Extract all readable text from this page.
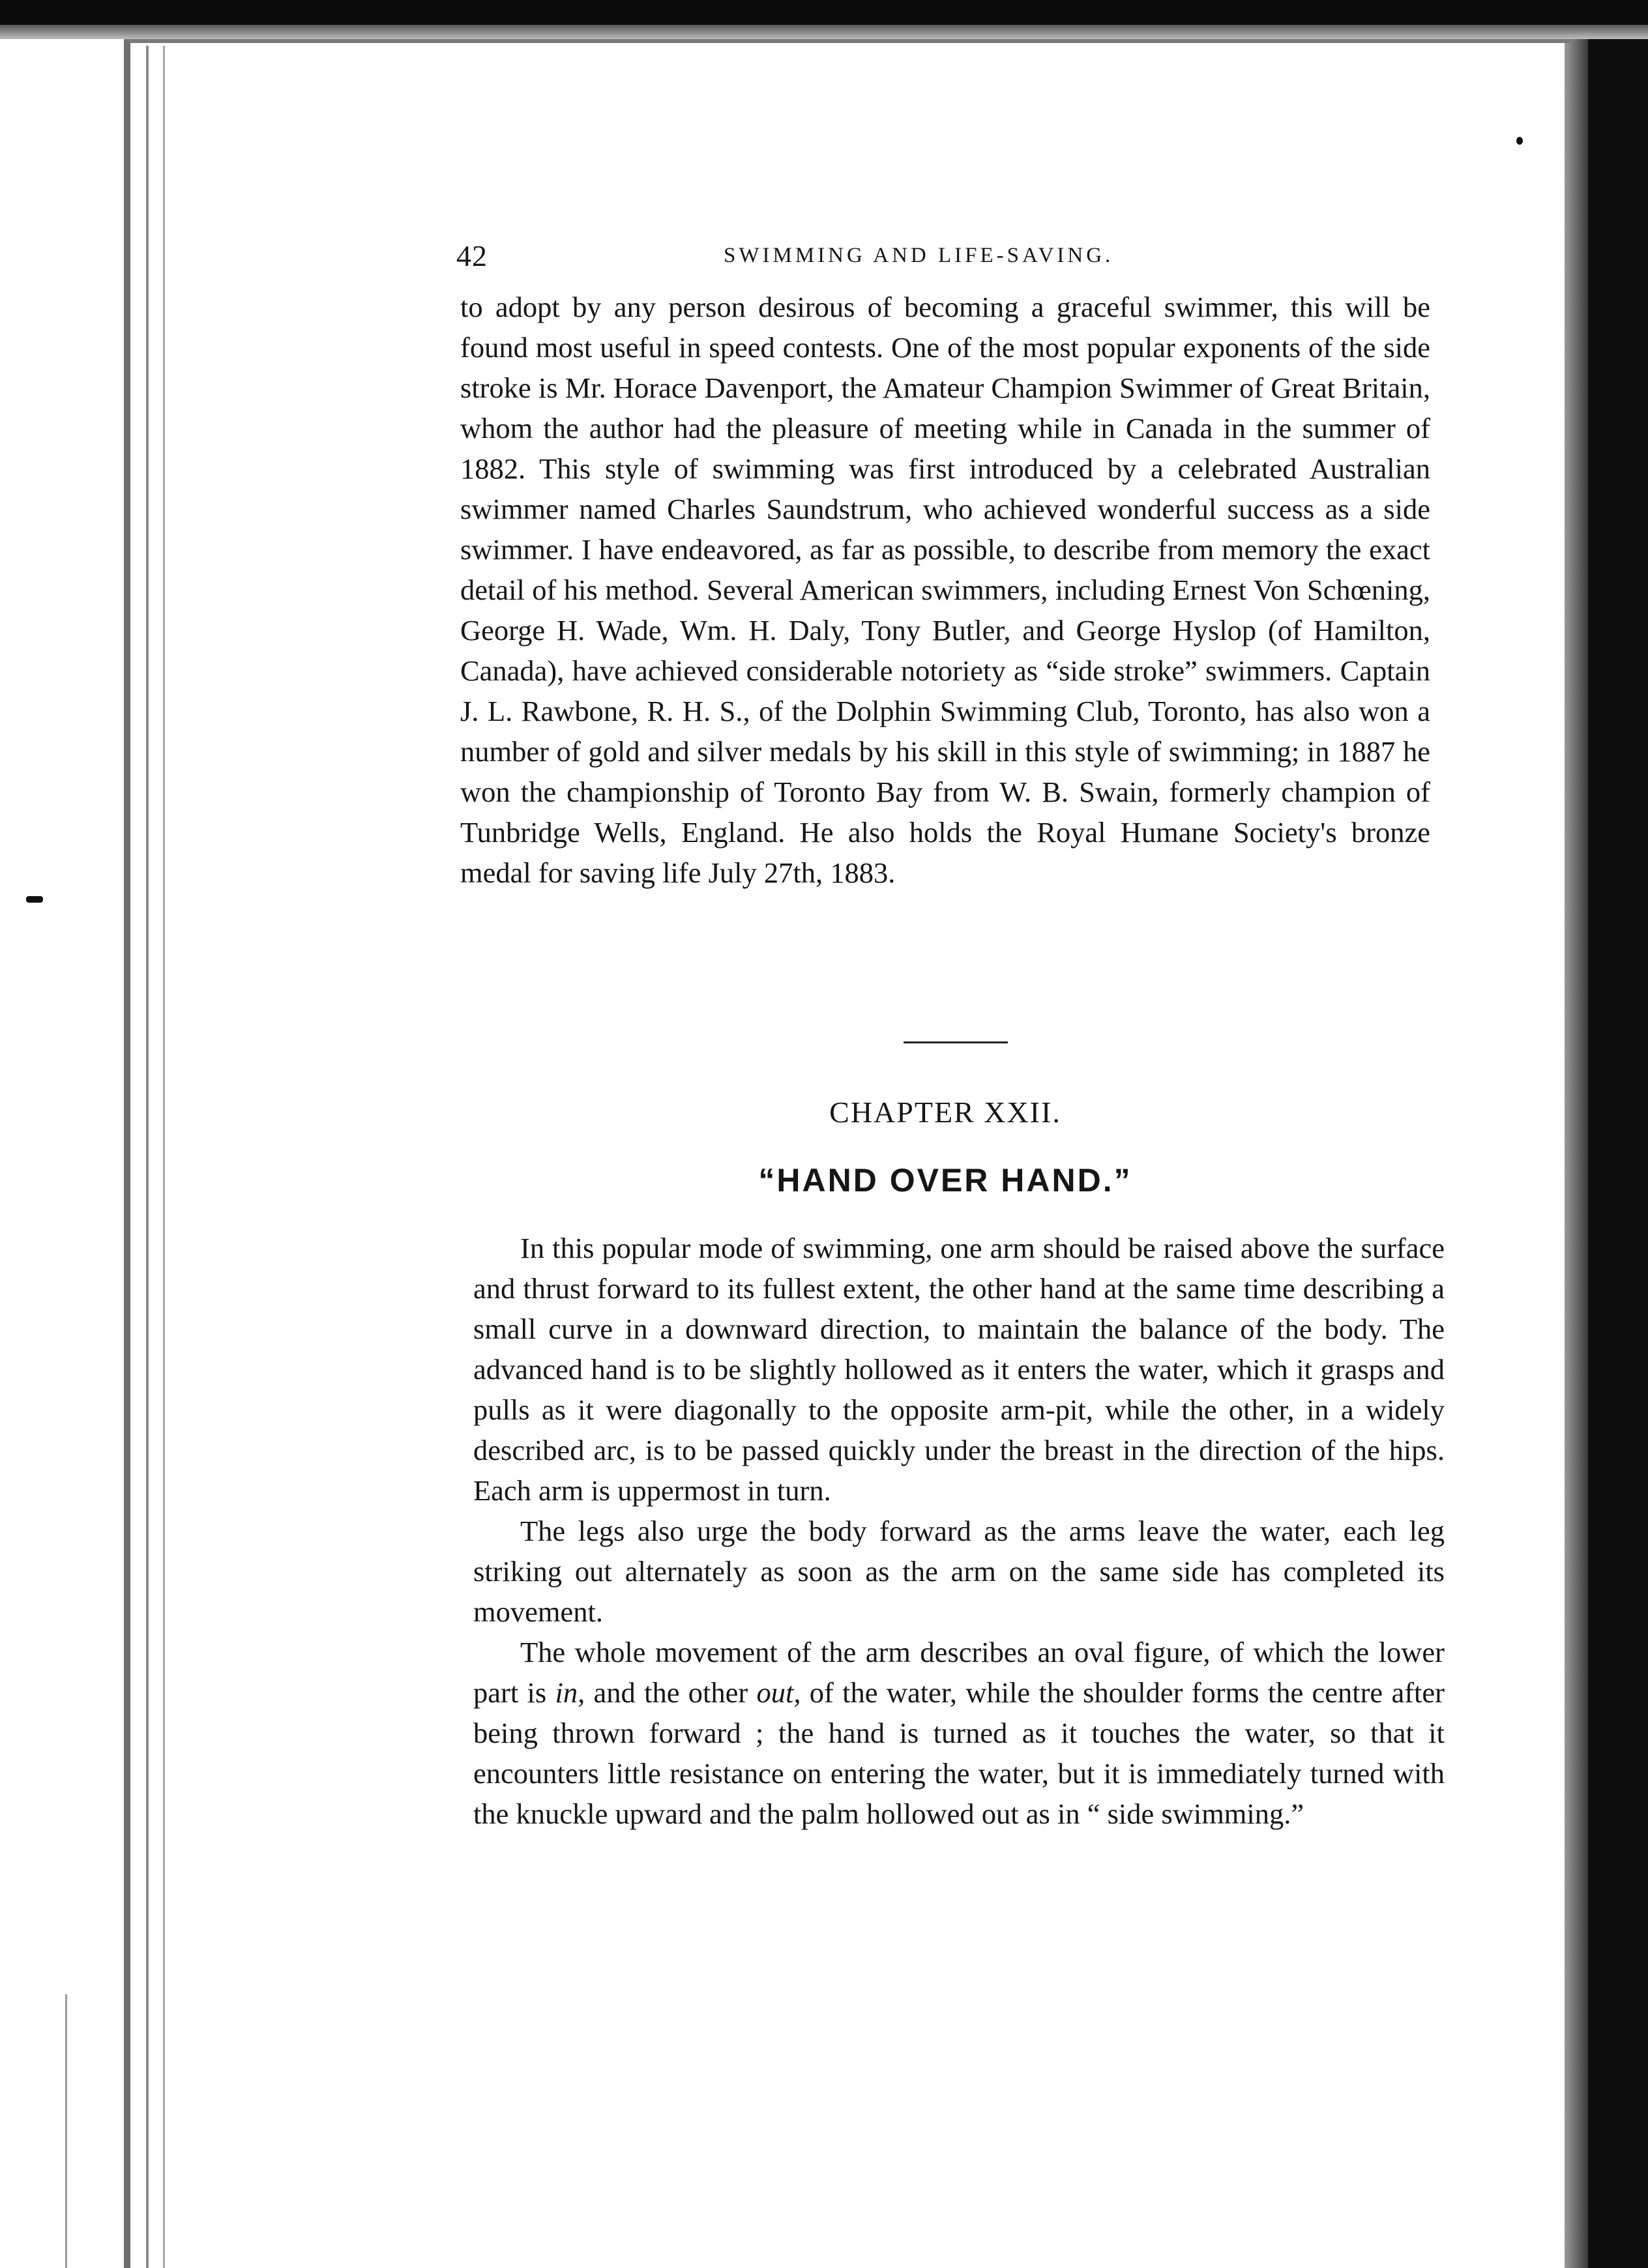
42	SWIMMING AND LIFE-SAVING.

to adopt by any person desirous of becoming a graceful swimmer, this will be found most useful in speed contests. One of the most popular exponents of the side stroke is Mr. Horace Davenport, the Amateur Champion Swimmer of Great Britain, whom the author had the pleasure of meeting while in Canada in the summer of 1882. This style of swimming was first introduced by a celebrated Australian swimmer named Charles Saundstrum, who achieved wonderful success as a side swimmer. I have endeavored, as far as possible, to describe from memory the exact detail of his method. Several American swimmers, including Ernest Von Schœning, George H. Wade, Wm. H. Daly, Tony Butler, and George Hyslop (of Hamilton, Canada), have achieved considerable notoriety as “side stroke” swimmers. Captain J. L. Rawbone, R. H. S., of the Dolphin Swimming Club, Toronto, has also won a number of gold and silver medals by his skill in this style of swimming; in 1887 he won the championship of Toronto Bay from W. B. Swain, formerly champion of Tunbridge Wells, England. He also holds the Royal Humane Society's bronze medal for saving life July 27th, 1883.

CHAPTER XXII.
“HAND OVER HAND.”

In this popular mode of swimming, one arm should be raised above the surface and thrust forward to its fullest extent, the other hand at the same time describing a small curve in a downward direction, to maintain the balance of the body. The advanced hand is to be slightly hollowed as it enters the water, which it grasps and pulls as it were diagonally to the opposite arm-pit, while the other, in a widely described arc, is to be passed quickly under the breast in the direction of the hips. Each arm is uppermost in turn.

The legs also urge the body forward as the arms leave the water, each leg striking out alternately as soon as the arm on the same side has completed its movement.

The whole movement of the arm describes an oval figure, of which the lower part is in, and the other out, of the water, while the shoulder forms the centre after being thrown forward ; the hand is turned as it touches the water, so that it encounters little resistance on entering the water, but it is immediately turned with the knuckle upward and the palm hollowed out as in “ side swimming.”
